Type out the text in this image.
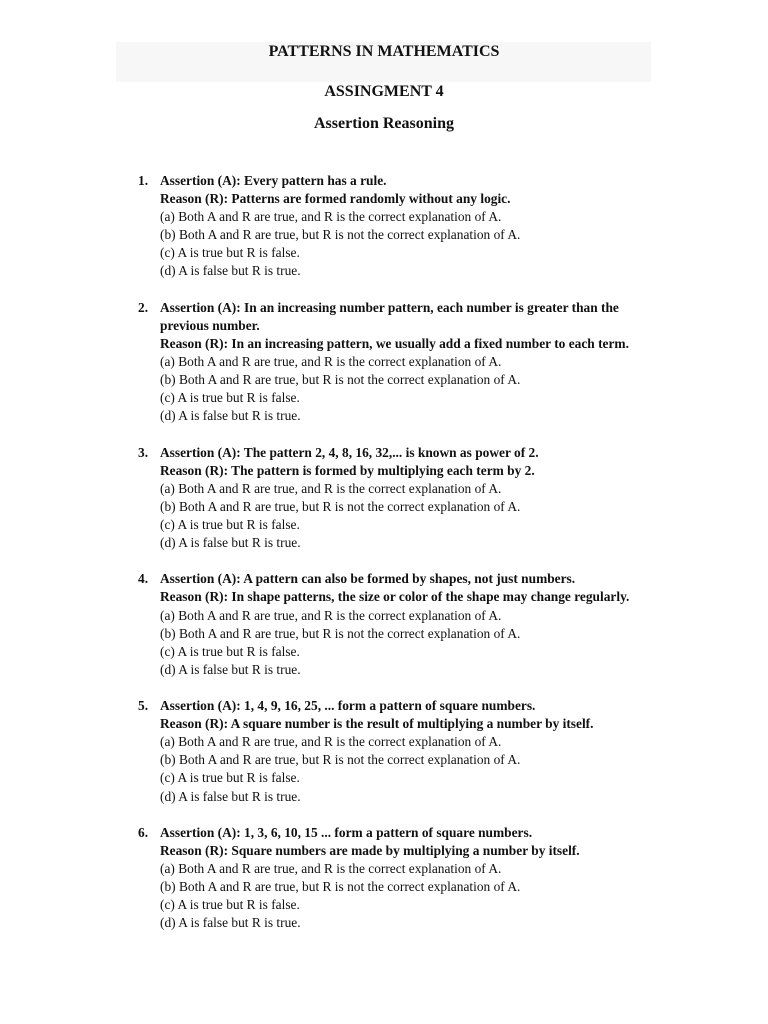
PATTERNS IN MATHEMATICS
ASSINGMENT 4
Assertion Reasoning
1. Assertion (A): Every pattern has a rule.
Reason (R): Patterns are formed randomly without any logic.
(a) Both A and R are true, and R is the correct explanation of A.
(b) Both A and R are true, but R is not the correct explanation of A.
(c) A is true but R is false.
(d) A is false but R is true.
2. Assertion (A): In an increasing number pattern, each number is greater than the previous number.
Reason (R): In an increasing pattern, we usually add a fixed number to each term.
(a) Both A and R are true, and R is the correct explanation of A.
(b) Both A and R are true, but R is not the correct explanation of A.
(c) A is true but R is false.
(d) A is false but R is true.
3. Assertion (A): The pattern 2, 4, 8, 16, 32,... is known as power of 2.
Reason (R): The pattern is formed by multiplying each term by 2.
(a) Both A and R are true, and R is the correct explanation of A.
(b) Both A and R are true, but R is not the correct explanation of A.
(c) A is true but R is false.
(d) A is false but R is true.
4. Assertion (A): A pattern can also be formed by shapes, not just numbers.
Reason (R): In shape patterns, the size or color of the shape may change regularly.
(a) Both A and R are true, and R is the correct explanation of A.
(b) Both A and R are true, but R is not the correct explanation of A.
(c) A is true but R is false.
(d) A is false but R is true.
5. Assertion (A): 1, 4, 9, 16, 25, ... form a pattern of square numbers.
Reason (R): A square number is the result of multiplying a number by itself.
(a) Both A and R are true, and R is the correct explanation of A.
(b) Both A and R are true, but R is not the correct explanation of A.
(c) A is true but R is false.
(d) A is false but R is true.
6. Assertion (A): 1, 3, 6, 10, 15 ... form a pattern of square numbers.
Reason (R): Square numbers are made by multiplying a number by itself.
(a) Both A and R are true, and R is the correct explanation of A.
(b) Both A and R are true, but R is not the correct explanation of A.
(c) A is true but R is false.
(d) A is false but R is true.
